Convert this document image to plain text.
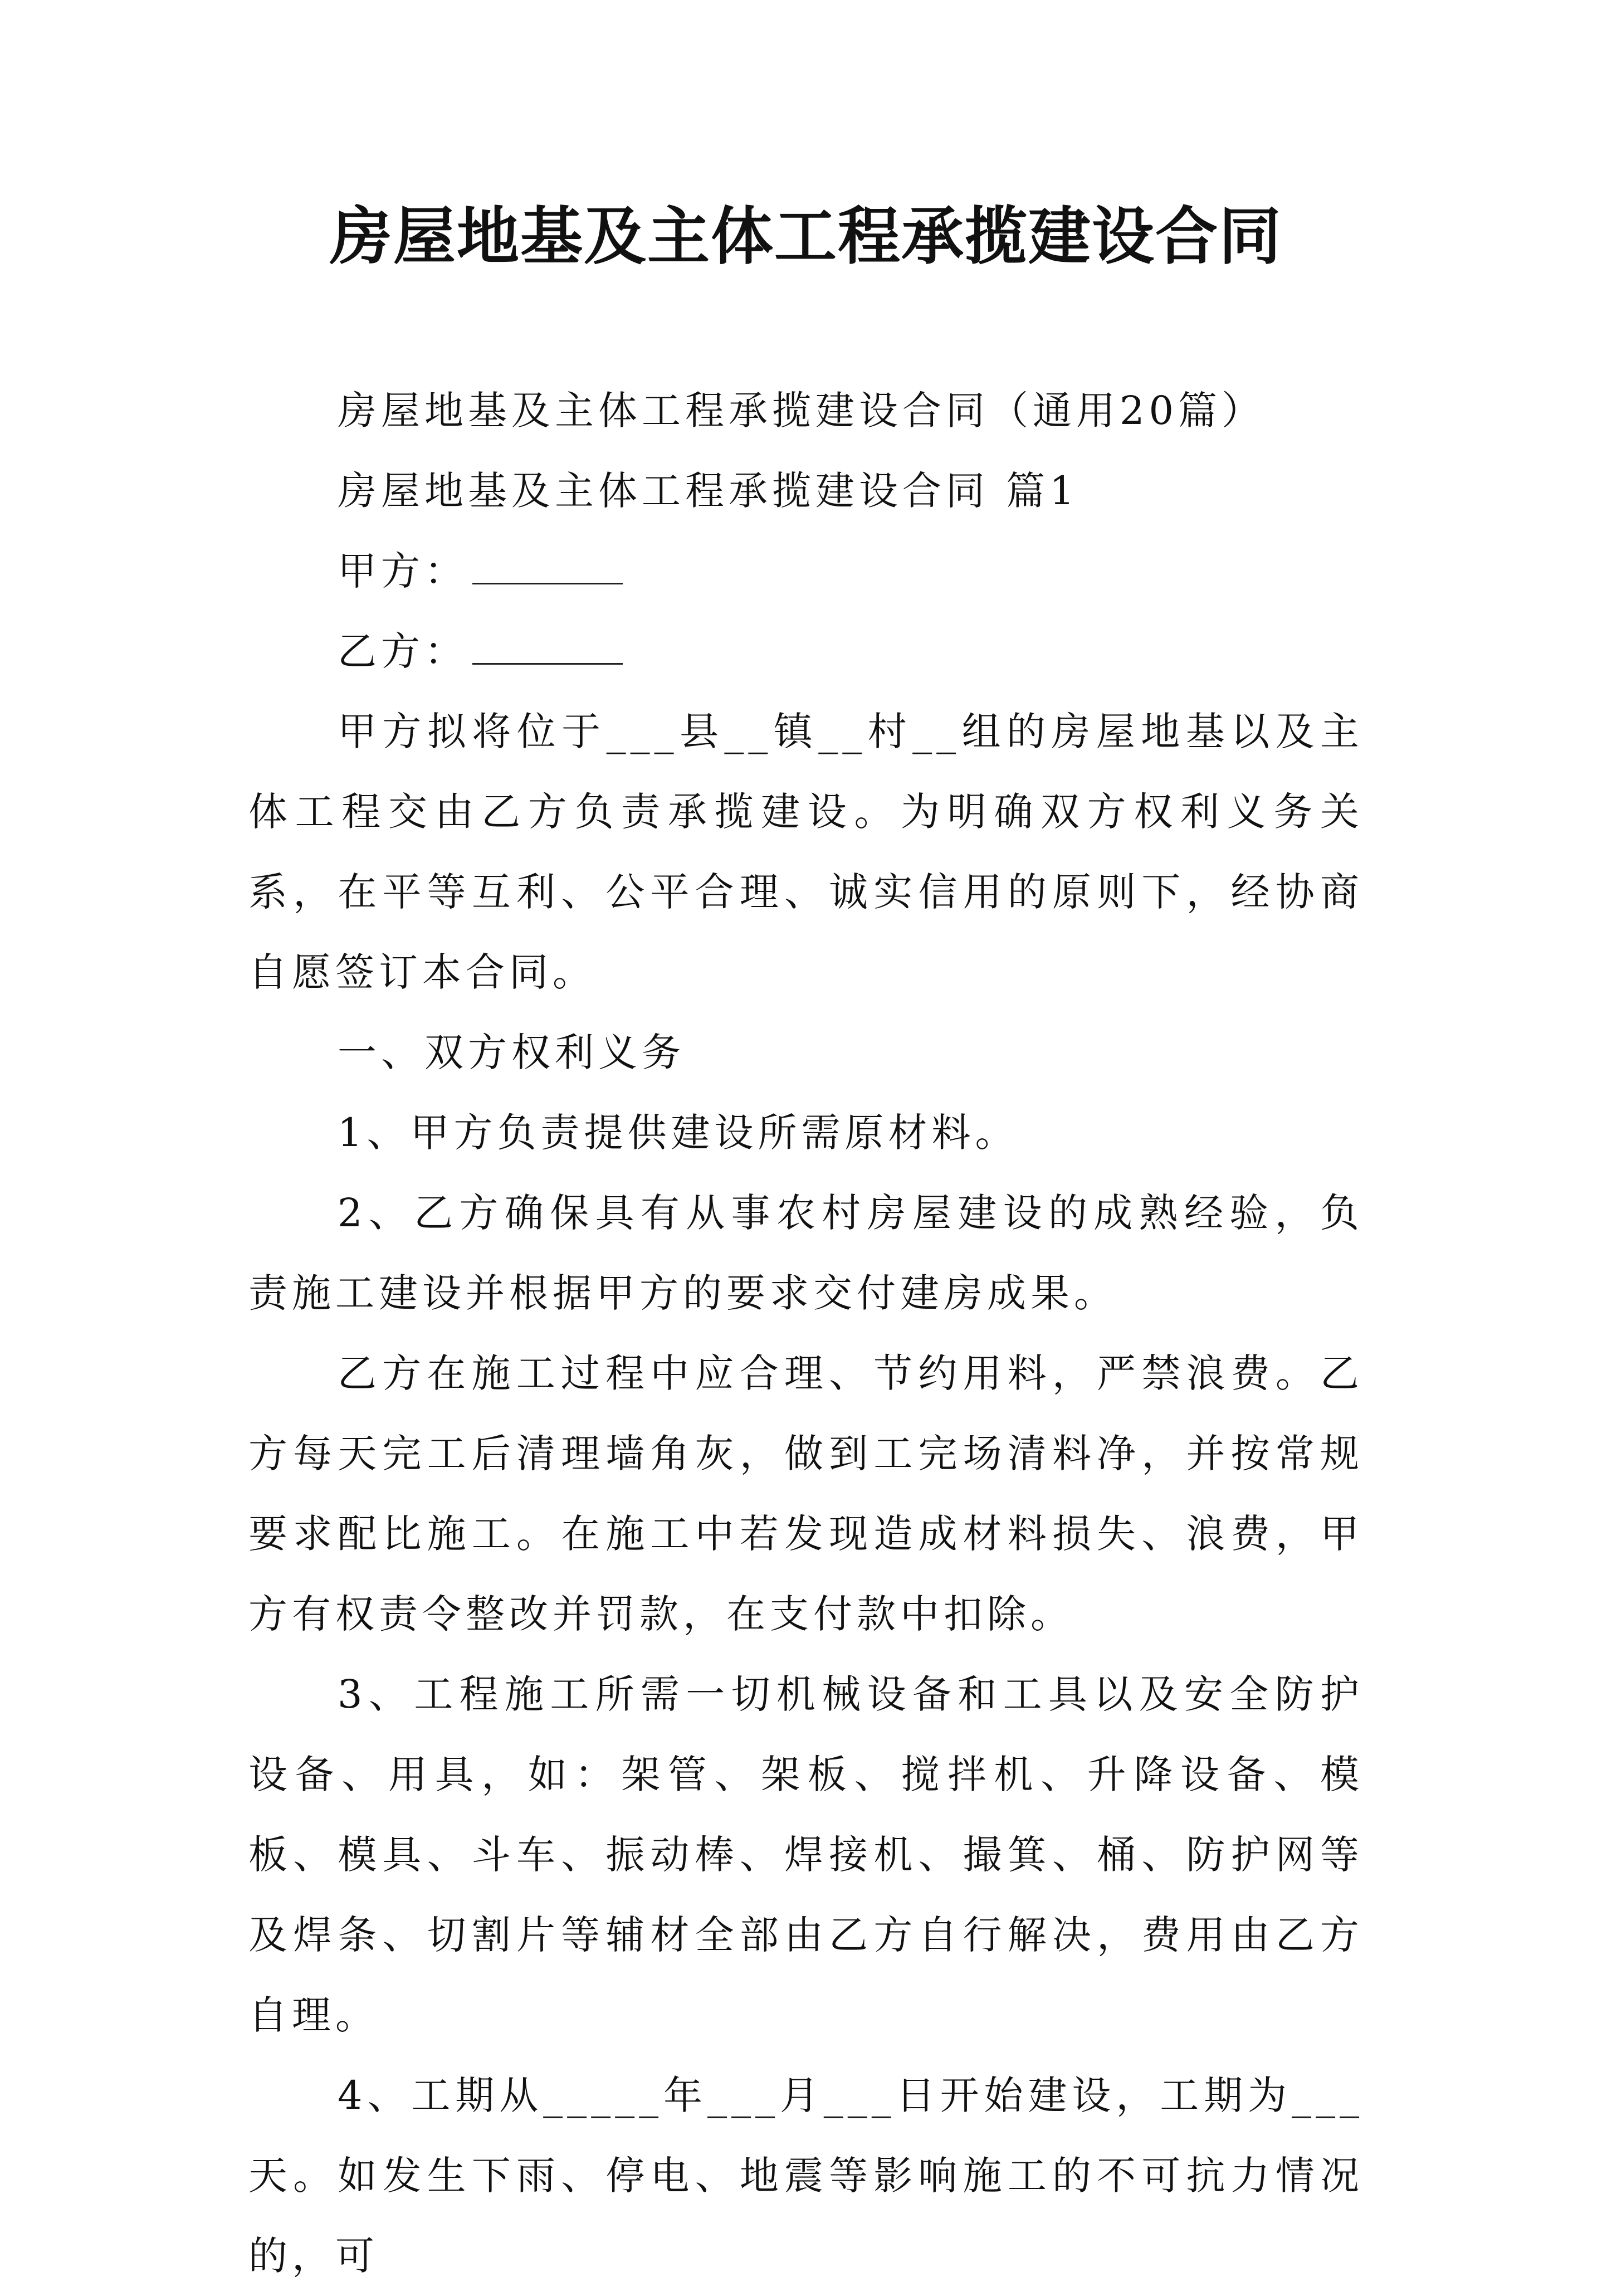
房屋地基及主体工程承揽建设合同

房屋地基及主体工程承揽建设合同（通用20篇）

房屋地基及主体工程承揽建设合同 篇1

甲方：

乙方：

甲方拟将位于___县__镇__村__组的房屋地基以及主体工程交由乙方负责承揽建设。为明确双方权利义务关系，在平等互利、公平合理、诚实信用的原则下，经协商自愿签订本合同。

一、双方权利义务

1、甲方负责提供建设所需原材料。

2、乙方确保具有从事农村房屋建设的成熟经验，负责施工建设并根据甲方的要求交付建房成果。

乙方在施工过程中应合理、节约用料，严禁浪费。乙方每天完工后清理墙角灰，做到工完场清料净，并按常规要求配比施工。在施工中若发现造成材料损失、浪费，甲方有权责令整改并罚款，在支付款中扣除。

3、工程施工所需一切机械设备和工具以及安全防护设备、用具，如：架管、架板、搅拌机、升降设备、模板、模具、斗车、振动棒、焊接机、撮箕、桶、防护网等及焊条、切割片等辅材全部由乙方自行解决，费用由乙方自理。

4、工期从_____年___月___日开始建设，工期为___天。如发生下雨、停电、地震等影响施工的不可抗力情况的，可
